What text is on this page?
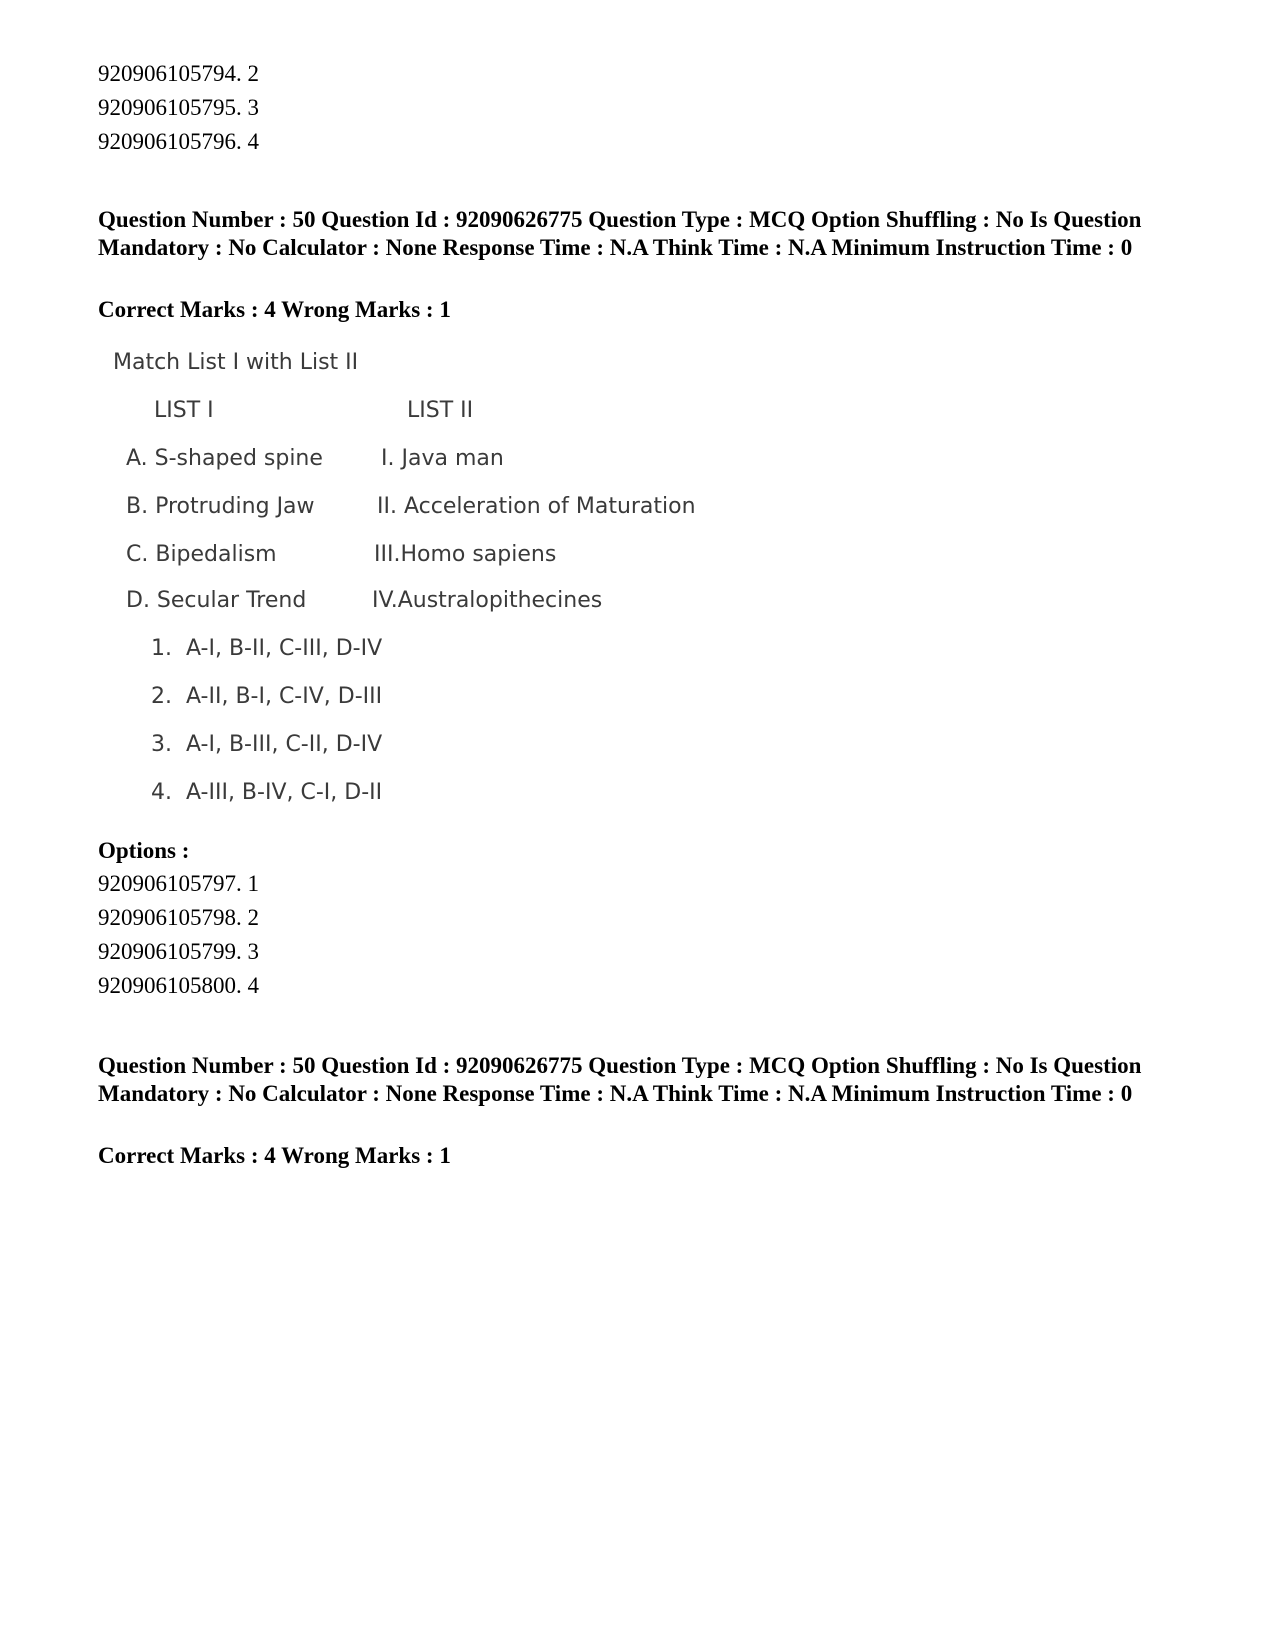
920906105794. 2
920906105795. 3
920906105796. 4
Question Number : 50 Question Id : 92090626775 Question Type : MCQ Option Shuffling : No Is Question Mandatory : No Calculator : None Response Time : N.A Think Time : N.A Minimum Instruction Time : 0
Correct Marks : 4 Wrong Marks : 1
Match List I with List II
LIST I	LIST II
A. S-shaped spine
B. Protruding Jaw
C. Bipedalism
D. Secular Trend
I. Java man
II. Acceleration of Maturation
III.Homo sapiens
IV.Australopithecines
1.  A-I, B-II, C-III, D-IV
2.  A-II, B-I, C-IV, D-III
3.  A-I, B-III, C-II, D-IV
4.  A-III, B-IV, C-I, D-II
Options :
920906105797. 1
920906105798. 2
920906105799. 3
920906105800. 4
Question Number : 50 Question Id : 92090626775 Question Type : MCQ Option Shuffling : No Is Question Mandatory : No Calculator : None Response Time : N.A Think Time : N.A Minimum Instruction Time : 0
Correct Marks : 4 Wrong Marks : 1
